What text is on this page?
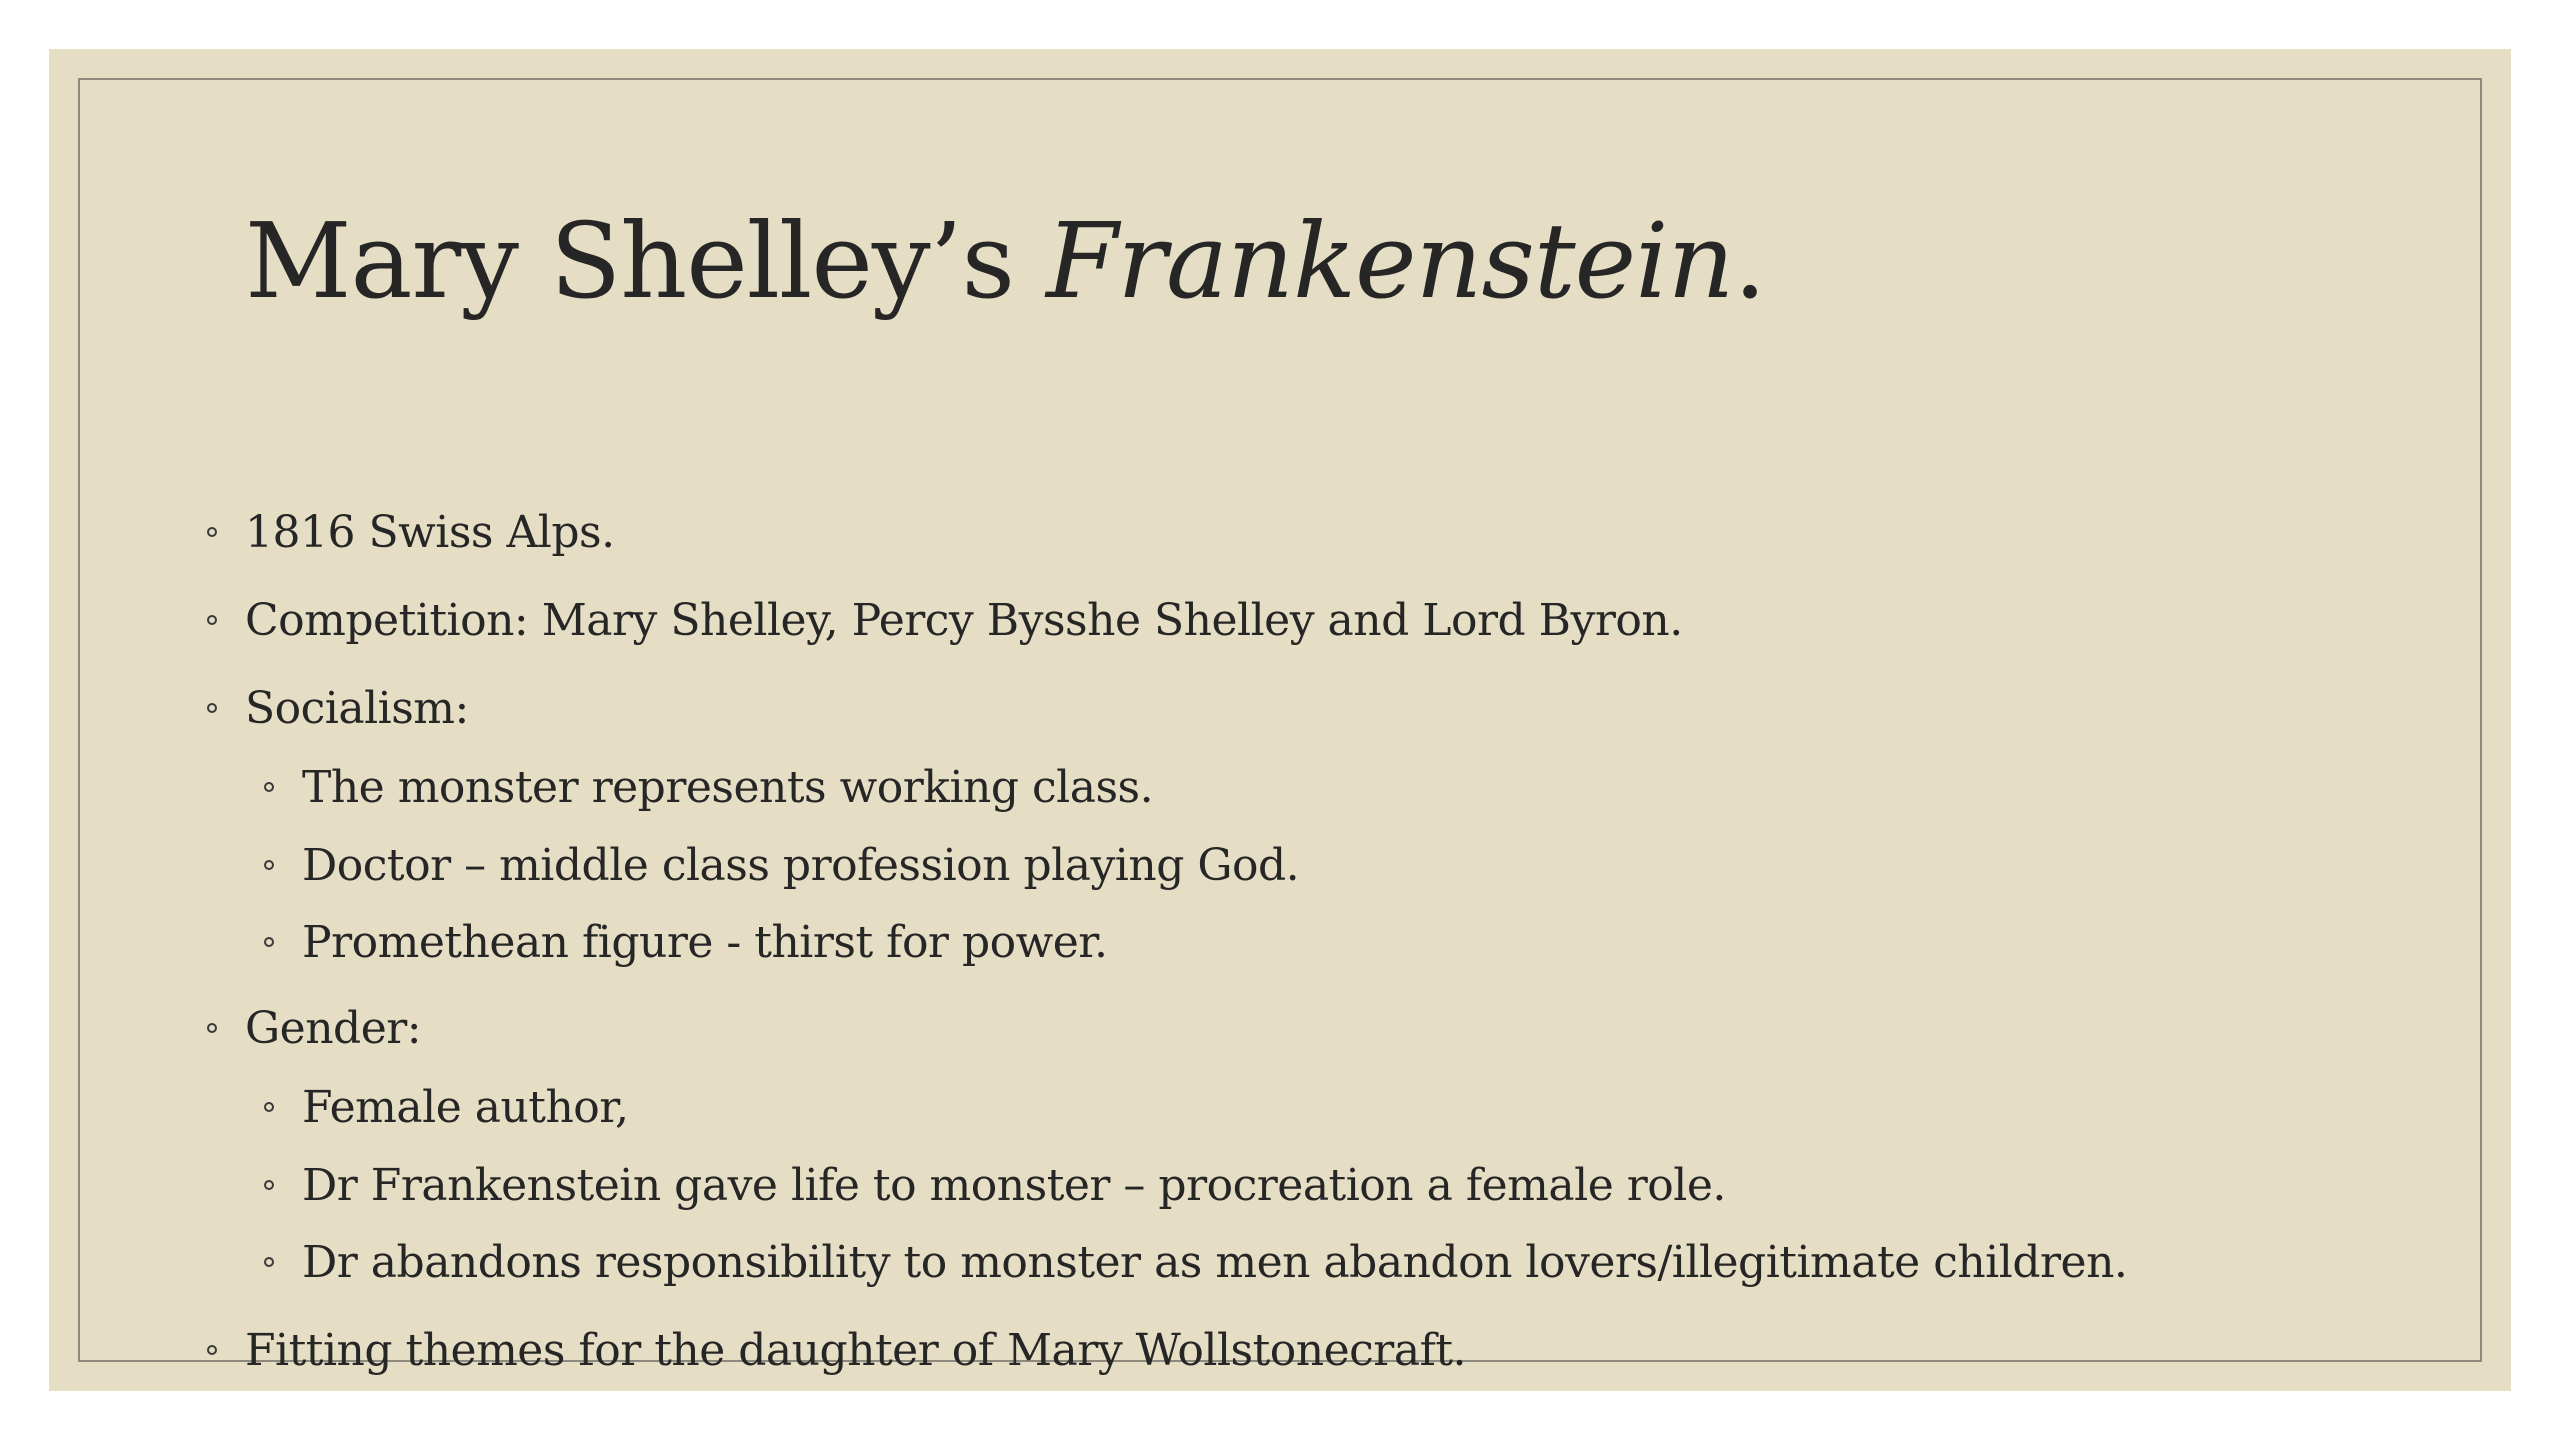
Mary Shelley’s Frankenstein.
1816 Swiss Alps.
Competition: Mary Shelley, Percy Bysshe Shelley and Lord Byron.
Socialism:
The monster represents working class.
Doctor – middle class profession playing God.
Promethean figure - thirst for power.
Gender:
Female author,
Dr Frankenstein gave life to monster – procreation a female role.
Dr abandons responsibility to monster as men abandon lovers/illegitimate children.
Fitting themes for the daughter of Mary Wollstonecraft.
